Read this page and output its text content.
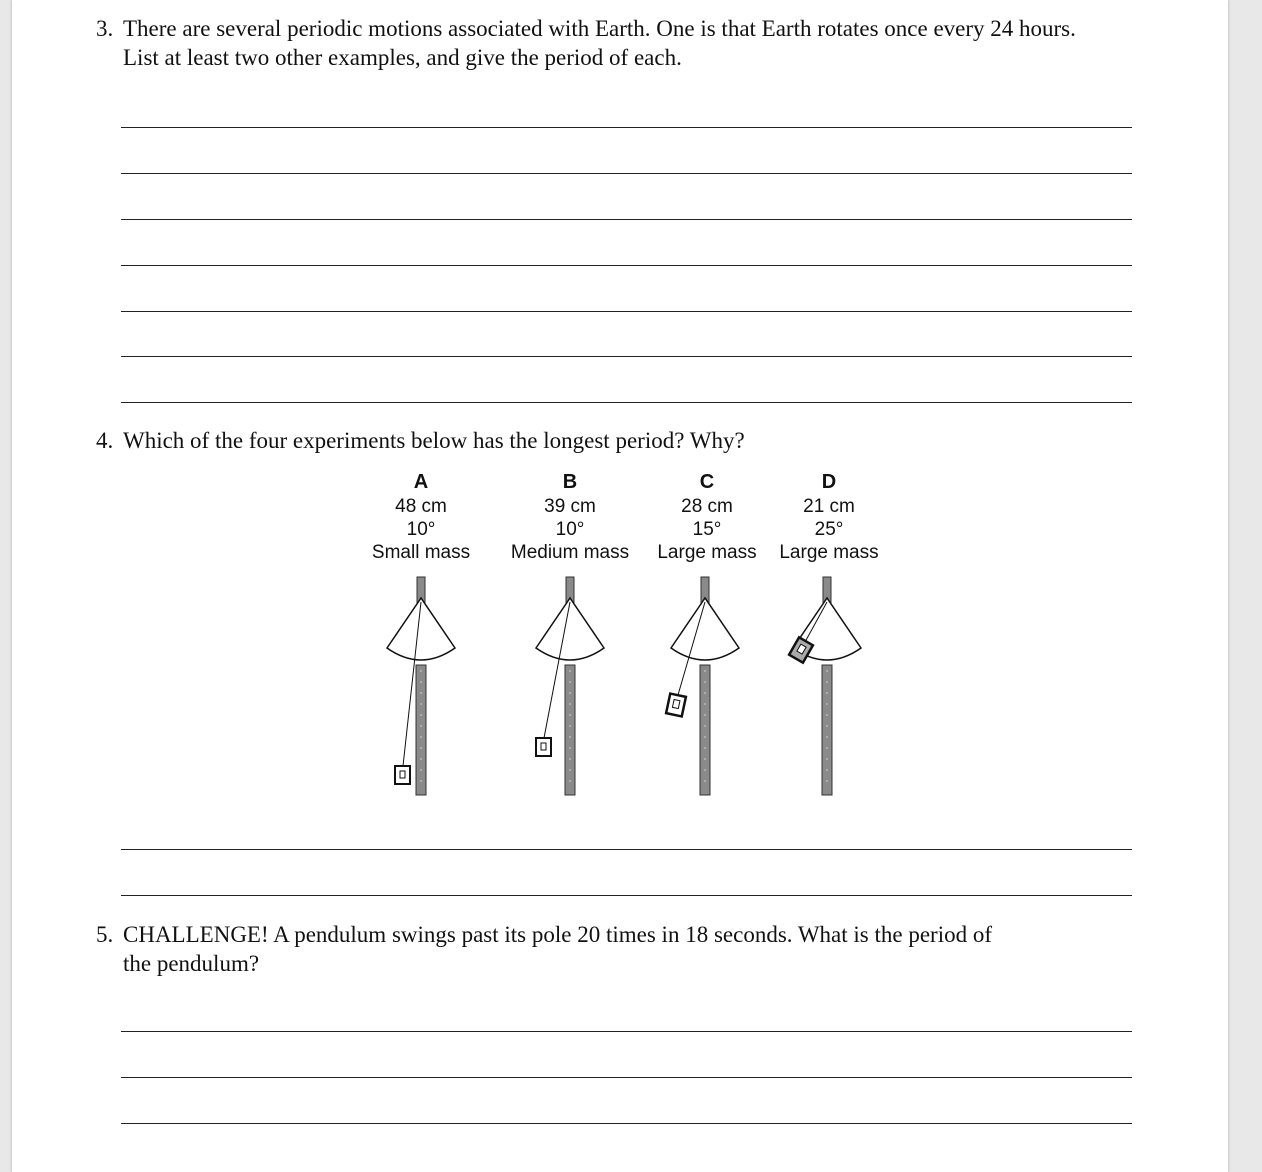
3. There are several periodic motions associated with Earth. One is that Earth rotates once every 24 hours.
List at least two other examples, and give the period of each.
4. Which of the four experiments below has the longest period? Why?
A
48 cm
10°
Small mass
B
39 cm
10°
Medium mass
C
28 cm
15°
Large mass
D
21 cm
25°
Large mass
5. CHALLENGE! A pendulum swings past its pole 20 times in 18 seconds. What is the period of
the pendulum?
